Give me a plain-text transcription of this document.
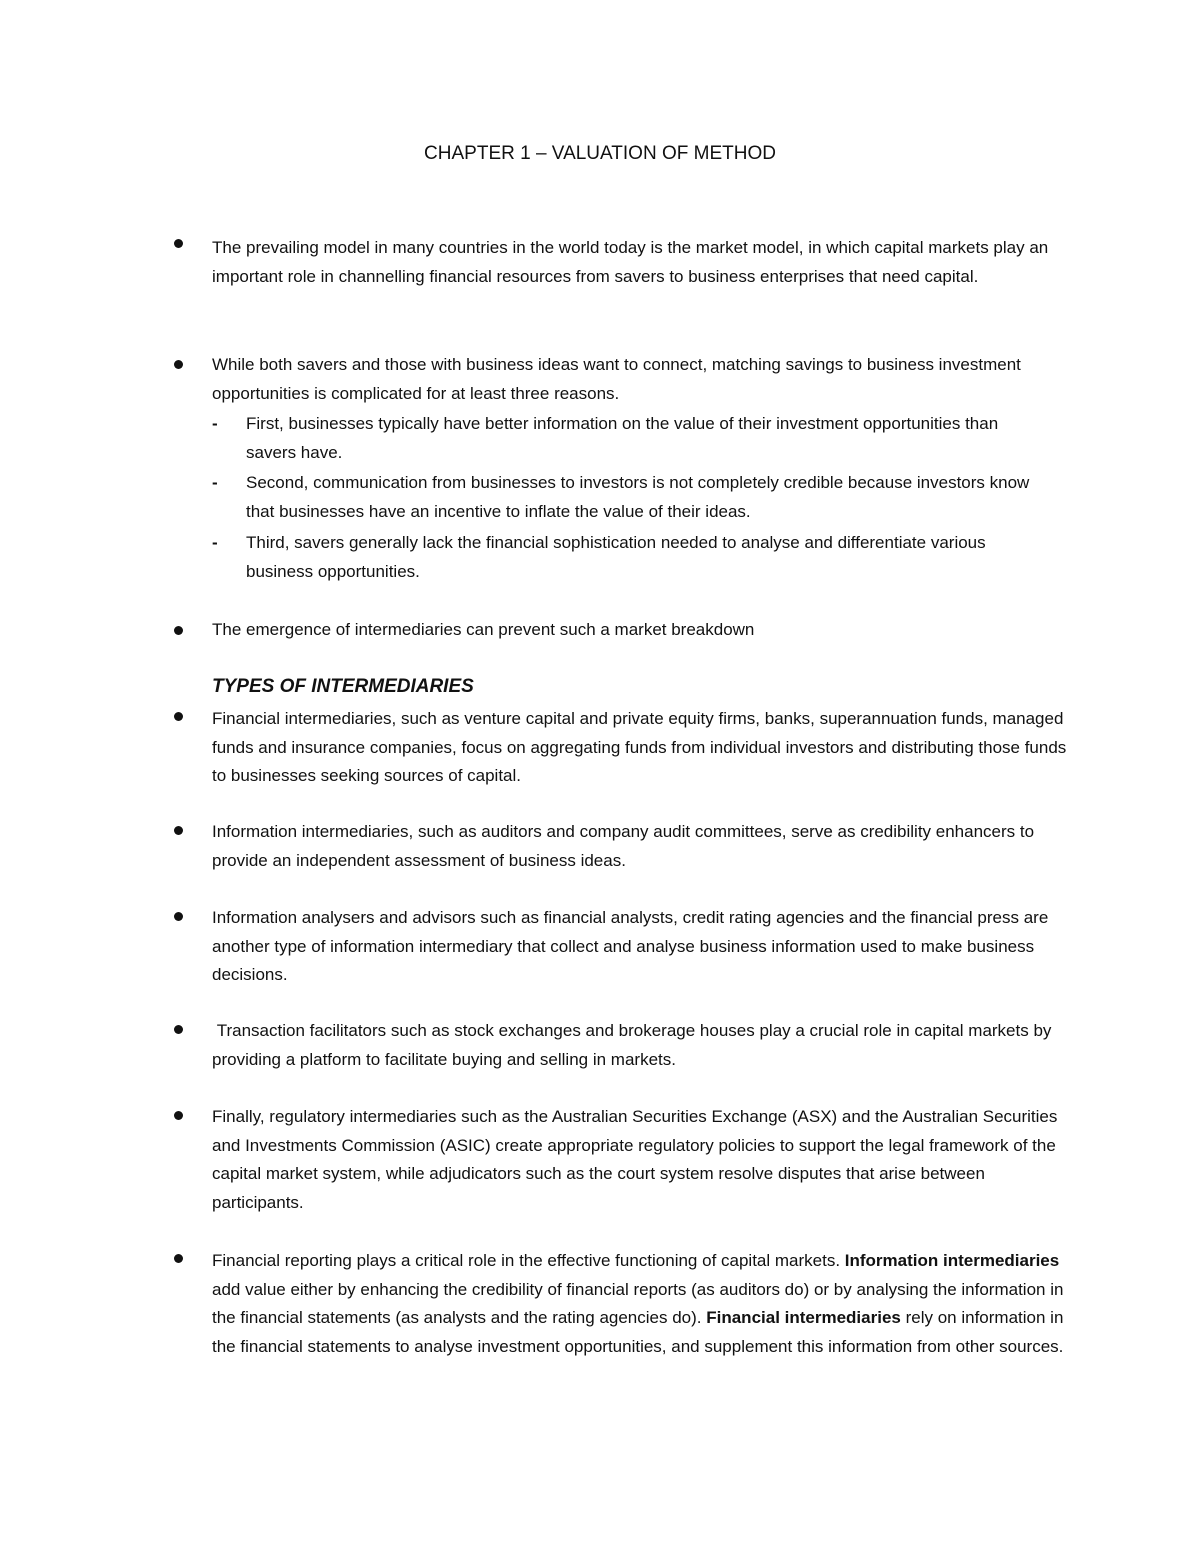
CHAPTER 1 – VALUATION OF METHOD
The prevailing model in many countries in the world today is the market model, in which capital markets play an important role in channelling financial resources from savers to business enterprises that need capital.
While both savers and those with business ideas want to connect, matching savings to business investment opportunities is complicated for at least three reasons.
- First, businesses typically have better information on the value of their investment opportunities than savers have.
- Second, communication from businesses to investors is not completely credible because investors know that businesses have an incentive to inflate the value of their ideas.
- Third, savers generally lack the financial sophistication needed to analyse and differentiate various business opportunities.
The emergence of intermediaries can prevent such a market breakdown
TYPES OF INTERMEDIARIES
Financial intermediaries, such as venture capital and private equity firms, banks, superannuation funds, managed funds and insurance companies, focus on aggregating funds from individual investors and distributing those funds to businesses seeking sources of capital.
Information intermediaries, such as auditors and company audit committees, serve as credibility enhancers to provide an independent assessment of business ideas.
Information analysers and advisors such as financial analysts, credit rating agencies and the financial press are another type of information intermediary that collect and analyse business information used to make business decisions.
Transaction facilitators such as stock exchanges and brokerage houses play a crucial role in capital markets by providing a platform to facilitate buying and selling in markets.
Finally, regulatory intermediaries such as the Australian Securities Exchange (ASX) and the Australian Securities and Investments Commission (ASIC) create appropriate regulatory policies to support the legal framework of the capital market system, while adjudicators such as the court system resolve disputes that arise between participants.
Financial reporting plays a critical role in the effective functioning of capital markets. Information intermediaries add value either by enhancing the credibility of financial reports (as auditors do) or by analysing the information in the financial statements (as analysts and the rating agencies do). Financial intermediaries rely on information in the financial statements to analyse investment opportunities, and supplement this information from other sources.
